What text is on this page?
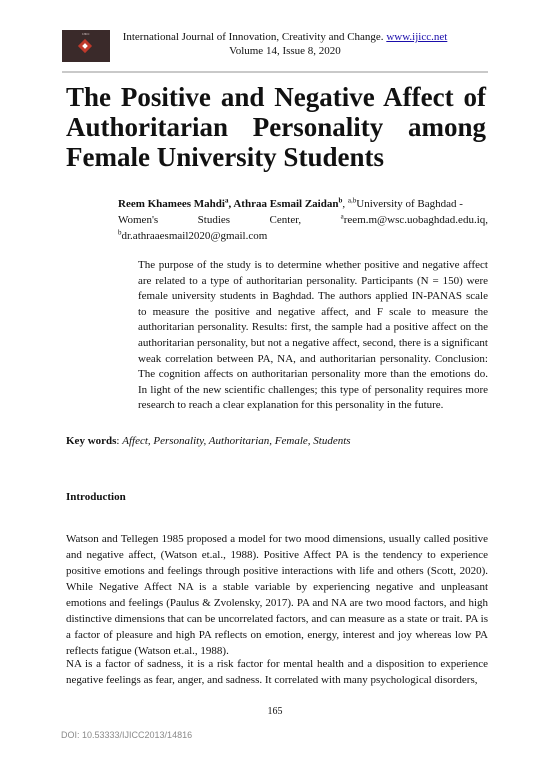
IJICC	International Journal of Innovation, Creativity and Change. www.ijicc.net
Volume 14, Issue 8, 2020
The Positive and Negative Affect of
Authoritarian Personality among
Female University Students
Reem Khamees Mahdi$^a$, Athraa Esmail Zaidan$^b$, $^{a,b}$University of Baghdad -
Women's	Studies	Center,	$^a$reem.m@wsc.uobaghdad.edu.iq,
$^b$dr.athraaesmail2020@gmail.com
The purpose of the study is to determine whether positive and negative affect are related to a type of authoritarian personality. Participants (N = 150) were female university students in Baghdad. The authors applied IN-PANAS scale to measure the positive and negative affect, and F scale to measure the authoritarian personality. Results: first, the sample had a positive affect on the authoritarian personality, but not a negative affect, second, there is a significant weak correlation between PA, NA, and authoritarian personality. Conclusion: The cognition affects on authoritarian personality more than the emotions do. In light of the new scientific challenges; this type of personality requires more research to reach a clear explanation for this personality in the future.
Key words: Affect, Personality, Authoritarian, Female, Students
Introduction
Watson and Tellegen 1985 proposed a model for two mood dimensions, usually called positive and negative affect, (Watson et.al., 1988). Positive Affect PA is the tendency to experience positive emotions and feelings through positive interactions with life and others (Scott, 2020). While Negative Affect NA is a stable variable by experiencing negative and unpleasant emotions and feelings (Paulus & Zvolensky, 2017). PA and NA are two mood factors, and high distinctive dimensions that can be uncorrelated factors, and can measure as a state or trait. PA is a factor of pleasure and high PA reflects on emotion, energy, interest and joy whereas low PA reflects fatigue (Watson et.al., 1988).
NA is a factor of sadness, it is a risk factor for mental health and a disposition to experience negative feelings as fear, anger, and sadness. It correlated with many psychological disorders,
165
DOI: 10.53333/IJICC2013/14816
